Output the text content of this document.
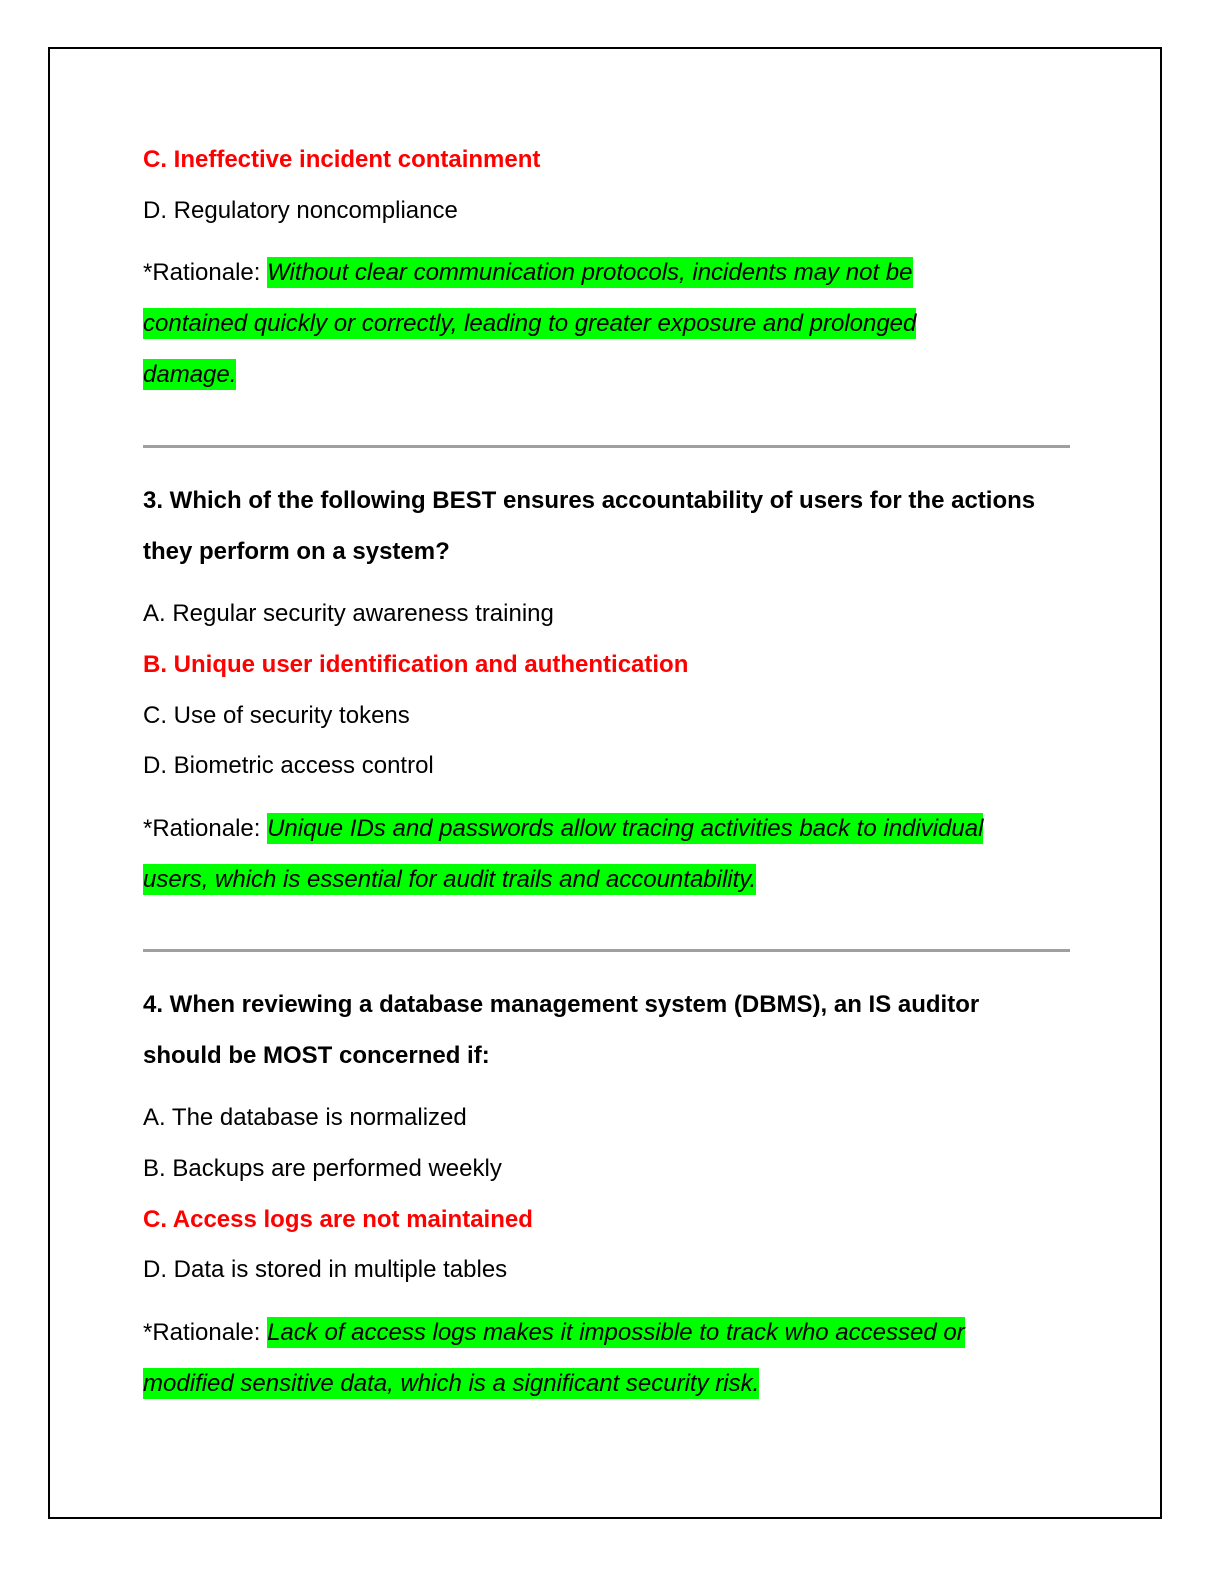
C. Ineffective incident containment
D. Regulatory noncompliance
*Rationale: Without clear communication protocols, incidents may not be
contained quickly or correctly, leading to greater exposure and prolonged
damage.
3. Which of the following BEST ensures accountability of users for the actions
they perform on a system?
A. Regular security awareness training
B. Unique user identification and authentication
C. Use of security tokens
D. Biometric access control
*Rationale: Unique IDs and passwords allow tracing activities back to individual
users, which is essential for audit trails and accountability.
4. When reviewing a database management system (DBMS), an IS auditor
should be MOST concerned if:
A. The database is normalized
B. Backups are performed weekly
C. Access logs are not maintained
D. Data is stored in multiple tables
*Rationale: Lack of access logs makes it impossible to track who accessed or
modified sensitive data, which is a significant security risk.
